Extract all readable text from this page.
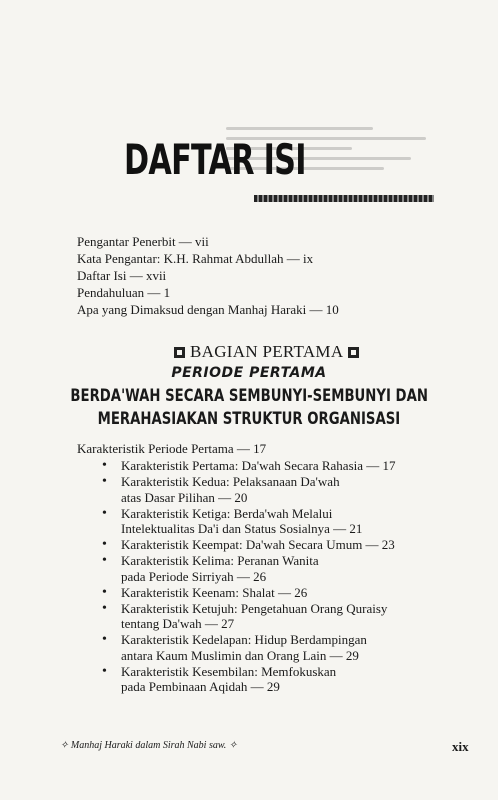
DAFTAR ISI
Pengantar Penerbit — vii
Kata Pengantar: K.H. Rahmat Abdullah — ix
Daftar Isi — xvii
Pendahuluan — 1
Apa yang Dimaksud dengan Manhaj Haraki — 10
BAGIAN PERTAMA
PERIODE PERTAMA
BERDA'WAH SECARA SEMBUNYI-SEMBUNYI DAN
MERAHASIAKAN STRUKTUR ORGANISASI
Karakteristik Periode Pertama — 17
• Karakteristik Pertama: Da'wah Secara Rahasia — 17
• Karakteristik Kedua: Pelaksanaan Da'wah
atas Dasar Pilihan — 20
• Karakteristik Ketiga: Berda'wah Melalui
Intelektualitas Da'i dan Status Sosialnya — 21
• Karakteristik Keempat: Da'wah Secara Umum — 23
• Karakteristik Kelima: Peranan Wanita
pada Periode Sirriyah — 26
• Karakteristik Keenam: Shalat — 26
• Karakteristik Ketujuh: Pengetahuan Orang Quraisy
tentang Da'wah — 27
• Karakteristik Kedelapan: Hidup Berdampingan
antara Kaum Muslimin dan Orang Lain — 29
• Karakteristik Kesembilan: Memfokuskan
pada Pembinaan Aqidah — 29
✧ Manhaj Haraki dalam Sirah Nabi saw. ✧	xix
